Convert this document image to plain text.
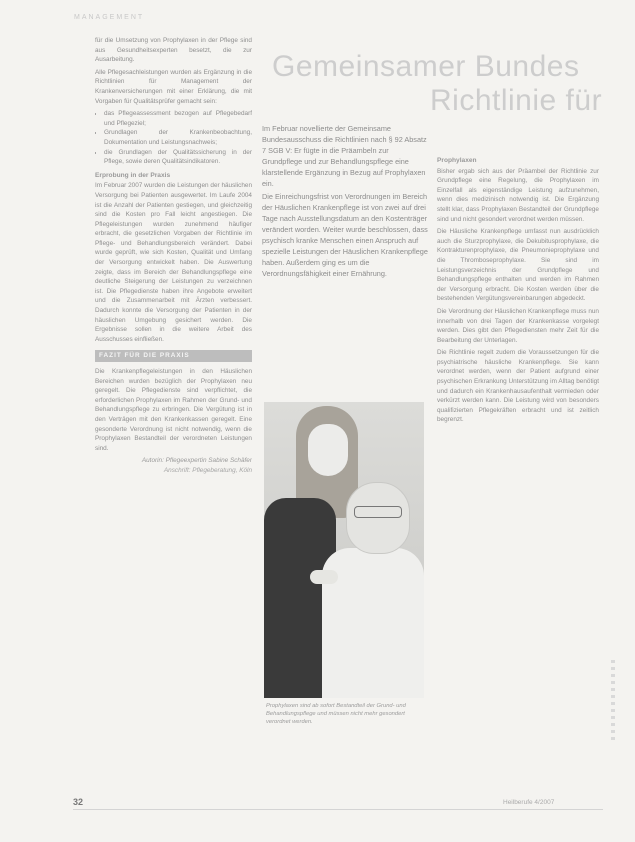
MANAGEMENT
Gemeinsamer Bundes
Richtlinie für

für die Umsetzung von Prophylaxen in der Pflege sind aus Gesundheitsexperten besetzt, die zur Ausarbeitung.

Alle Pflegesachleistungen wurden als Ergänzung in die Richtlinien für Management der Krankenversicherungen mit einer Erklärung, die mit Vorgaben für Qualitätsprüfer gemacht sein:

• das Pflegeassessment bezogen auf Pflegebedarf und Pflegeziel;
• Grundlagen der Krankenbeobachtung, Dokumentation und Leistungsnachweis;
• die Grundlagen der Qualitätssicherung in der Pflege, sowie deren Qualitätsindikatoren.
Erprobung in der Praxis

Im Februar 2007 wurden die Leistungen der häuslichen Versorgung bei Patienten ausgewertet. Im Laufe 2004 ist die Anzahl der Patienten gestiegen, und gleichzeitig sind die Kosten pro Fall leicht angestiegen. Die Pflegeleistungen wurden zunehmend häufiger erbracht, die gesetzlichen Vorgaben der Richtlinie im Pflege- und Behandlungsbereich verändert. Dabei wurde geprüft, wie sich Kosten, Qualität und Umfang der Versorgung entwickelt haben. Die Auswertung zeigte, dass im Bereich der Behandlungspflege eine deutliche Steigerung der Leistungen zu verzeichnen ist. Die Pflegedienste haben ihre Angebote erweitert und die Zusammenarbeit mit Ärzten verbessert. Dadurch konnte die Versorgung der Patienten in der häuslichen Umgebung gesichert werden. Die Ergebnisse sollen in die weitere Arbeit des Ausschusses einfließen.

FAZIT FÜR DIE PRAXIS

Die Krankenpflegeleistungen in den Häuslichen Bereichen wurden bezüglich der Prophylaxen neu geregelt. Die Pflegedienste sind verpflichtet, die erforderlichen Prophylaxen im Rahmen der Grund- und Behandlungspflege zu erbringen. Die Vergütung ist in den Verträgen mit den Krankenkassen geregelt. Eine gesonderte Verordnung ist nicht notwendig, wenn die Prophylaxen Bestandteil der verordneten Leistungen sind.

Autorin: Pflegeexpertin Sabine Schäfer
Anschrift: Pflegeberatung, Köln

Im Februar novellierte der Gemeinsame Bundesausschuss die Richtlinien nach § 92 Absatz 7 SGB V: Er fügte in die Präambeln zur Grundpflege und zur Behandlungspflege eine klarstellende Ergänzung in Bezug auf Prophylaxen ein.

Die Einreichungsfrist von Verordnungen im Bereich der Häuslichen Krankenpflege ist von zwei auf drei Tage nach Ausstellungsdatum an den Kostenträger verändert worden. Weiter wurde beschlossen, dass psychisch kranke Menschen einen Anspruch auf spezielle Leistungen der Häuslichen Krankenpflege haben. Außerdem ging es um die Verordnungsfähigkeit einer Ernährung.

Prophylaxen sind ab sofort Bestandteil der Grund- und Behandlungspflege und müssen nicht mehr gesondert verordnet werden.
Prophylaxen

Bisher ergab sich aus der Präambel der Richtlinie zur Grundpflege eine Regelung, die Prophylaxen im Einzelfall als eigenständige Leistung aufzunehmen, wenn dies medizinisch notwendig ist. Die Ergänzung stellt klar, dass Prophylaxen Bestandteil der Grundpflege sind und nicht gesondert verordnet werden müssen.

Die Häusliche Krankenpflege umfasst nun ausdrücklich auch die Sturzprophylaxe, die Dekubitusprophylaxe, die Kontrakturenprophylaxe, die Pneumonieprophylaxe und die Thromboseprophylaxe. Sie sind im Leistungsverzeichnis der Grundpflege und Behandlungspflege enthalten und werden im Rahmen der Versorgung erbracht. Die Kosten werden über die bestehenden Vergütungsvereinbarungen abgedeckt.

Die Verordnung der Häuslichen Krankenpflege muss nun innerhalb von drei Tagen der Krankenkasse vorgelegt werden. Dies gibt den Pflegediensten mehr Zeit für die Bearbeitung der Unterlagen.

Die Richtlinie regelt zudem die Voraussetzungen für die psychiatrische häusliche Krankenpflege. Sie kann verordnet werden, wenn der Patient aufgrund einer psychischen Erkrankung Unterstützung im Alltag benötigt und dadurch ein Krankenhausaufenthalt vermieden oder verkürzt werden kann. Die Leistung wird von besonders qualifizierten Pflegekräften erbracht und ist zeitlich begrenzt.

32	Heilberufe 4/2007
